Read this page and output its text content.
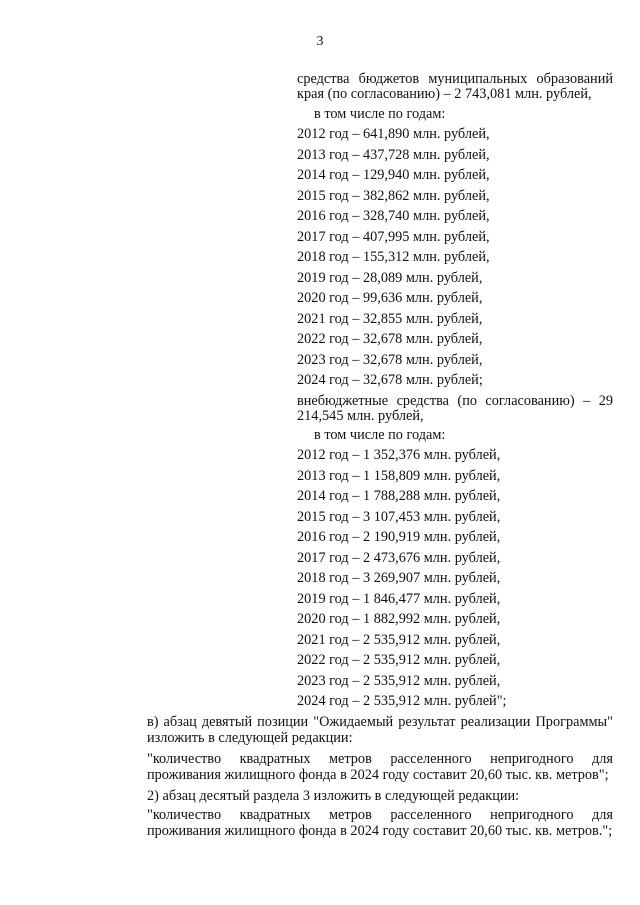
3
средства бюджетов муниципальных образований края (по согласованию) – 2 743,081 млн. рублей,
в том числе по годам:
2012 год – 641,890 млн. рублей,
2013 год – 437,728 млн. рублей,
2014 год – 129,940 млн. рублей,
2015 год – 382,862 млн. рублей,
2016 год – 328,740 млн. рублей,
2017 год – 407,995 млн. рублей,
2018 год – 155,312 млн. рублей,
2019 год – 28,089 млн. рублей,
2020 год – 99,636 млн. рублей,
2021 год – 32,855 млн. рублей,
2022 год – 32,678 млн. рублей,
2023 год – 32,678 млн. рублей,
2024 год – 32,678 млн. рублей;
внебюджетные средства (по согласованию) – 29 214,545 млн. рублей,
в том числе по годам:
2012 год – 1 352,376 млн. рублей,
2013 год – 1 158,809 млн. рублей,
2014 год – 1 788,288 млн. рублей,
2015 год – 3 107,453 млн. рублей,
2016 год – 2 190,919 млн. рублей,
2017 год – 2 473,676 млн. рублей,
2018 год – 3 269,907 млн. рублей,
2019 год – 1 846,477 млн. рублей,
2020 год – 1 882,992 млн. рублей,
2021 год – 2 535,912 млн. рублей,
2022 год – 2 535,912 млн. рублей,
2023 год – 2 535,912 млн. рублей,
2024 год – 2 535,912 млн. рублей";
в) абзац девятый позиции "Ожидаемый результат реализации Программы" изложить в следующей редакции:
"количество квадратных метров расселенного непригодного для проживания жилищного фонда в 2024 году составит 20,60 тыс. кв. метров";
2) абзац десятый раздела 3 изложить в следующей редакции:
"количество квадратных метров расселенного непригодного для проживания жилищного фонда в 2024 году составит 20,60 тыс. кв. метров.";
